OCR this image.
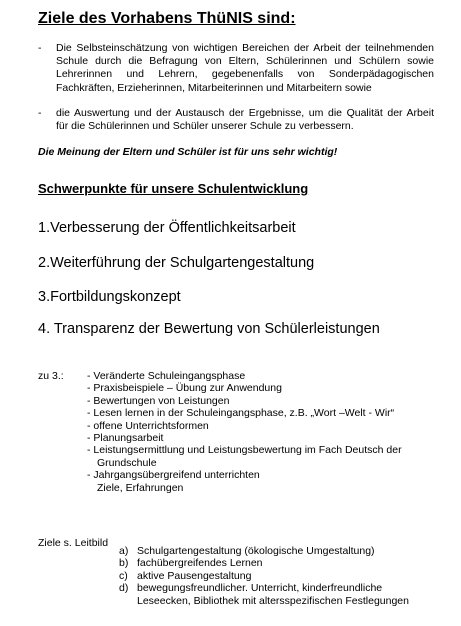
Ziele des Vorhabens ThüNIS sind:
- Die Selbsteinschätzung von wichtigen Bereichen der Arbeit der teilnehmenden
Schule durch die Befragung von Eltern, Schülerinnen und Schülern sowie
Lehrerinnen und Lehrern, gegebenenfalls von Sonderpädagogischen
Fachkräften, Erzieherinnen, Mitarbeiterinnen und Mitarbeitern sowie
- die Auswertung und der Austausch der Ergebnisse, um die Qualität der Arbeit
für die Schülerinnen und Schüler unserer Schule zu verbessern.
Die Meinung der Eltern und Schüler ist für uns sehr wichtig!
Schwerpunkte für unsere Schulentwicklung
1.Verbesserung der Öffentlichkeitsarbeit
2.Weiterführung der Schulgartengestaltung
3.Fortbildungskonzept
4. Transparenz der Bewertung von Schülerleistungen
zu 3.: - Veränderte Schuleingangsphase
- Praxisbeispiele – Übung zur Anwendung
- Bewertungen von Leistungen
- Lesen lernen in der Schuleingangsphase, z.B. „Wort –Welt - Wir“
- offene Unterrichtsformen
- Planungsarbeit
- Leistungsermittlung und Leistungsbewertung im Fach Deutsch der
Grundschule
- Jahrgangsübergreifend unterrichten
Ziele, Erfahrungen
Ziele s. Leitbild
a) Schulgartengestaltung (ökologische Umgestaltung)
b) fachübergreifendes Lernen
c) aktive Pausengestaltung
d) bewegungsfreundlicher. Unterricht, kinderfreundliche
Leseecken, Bibliothek mit altersspezifischen Festlegungen
